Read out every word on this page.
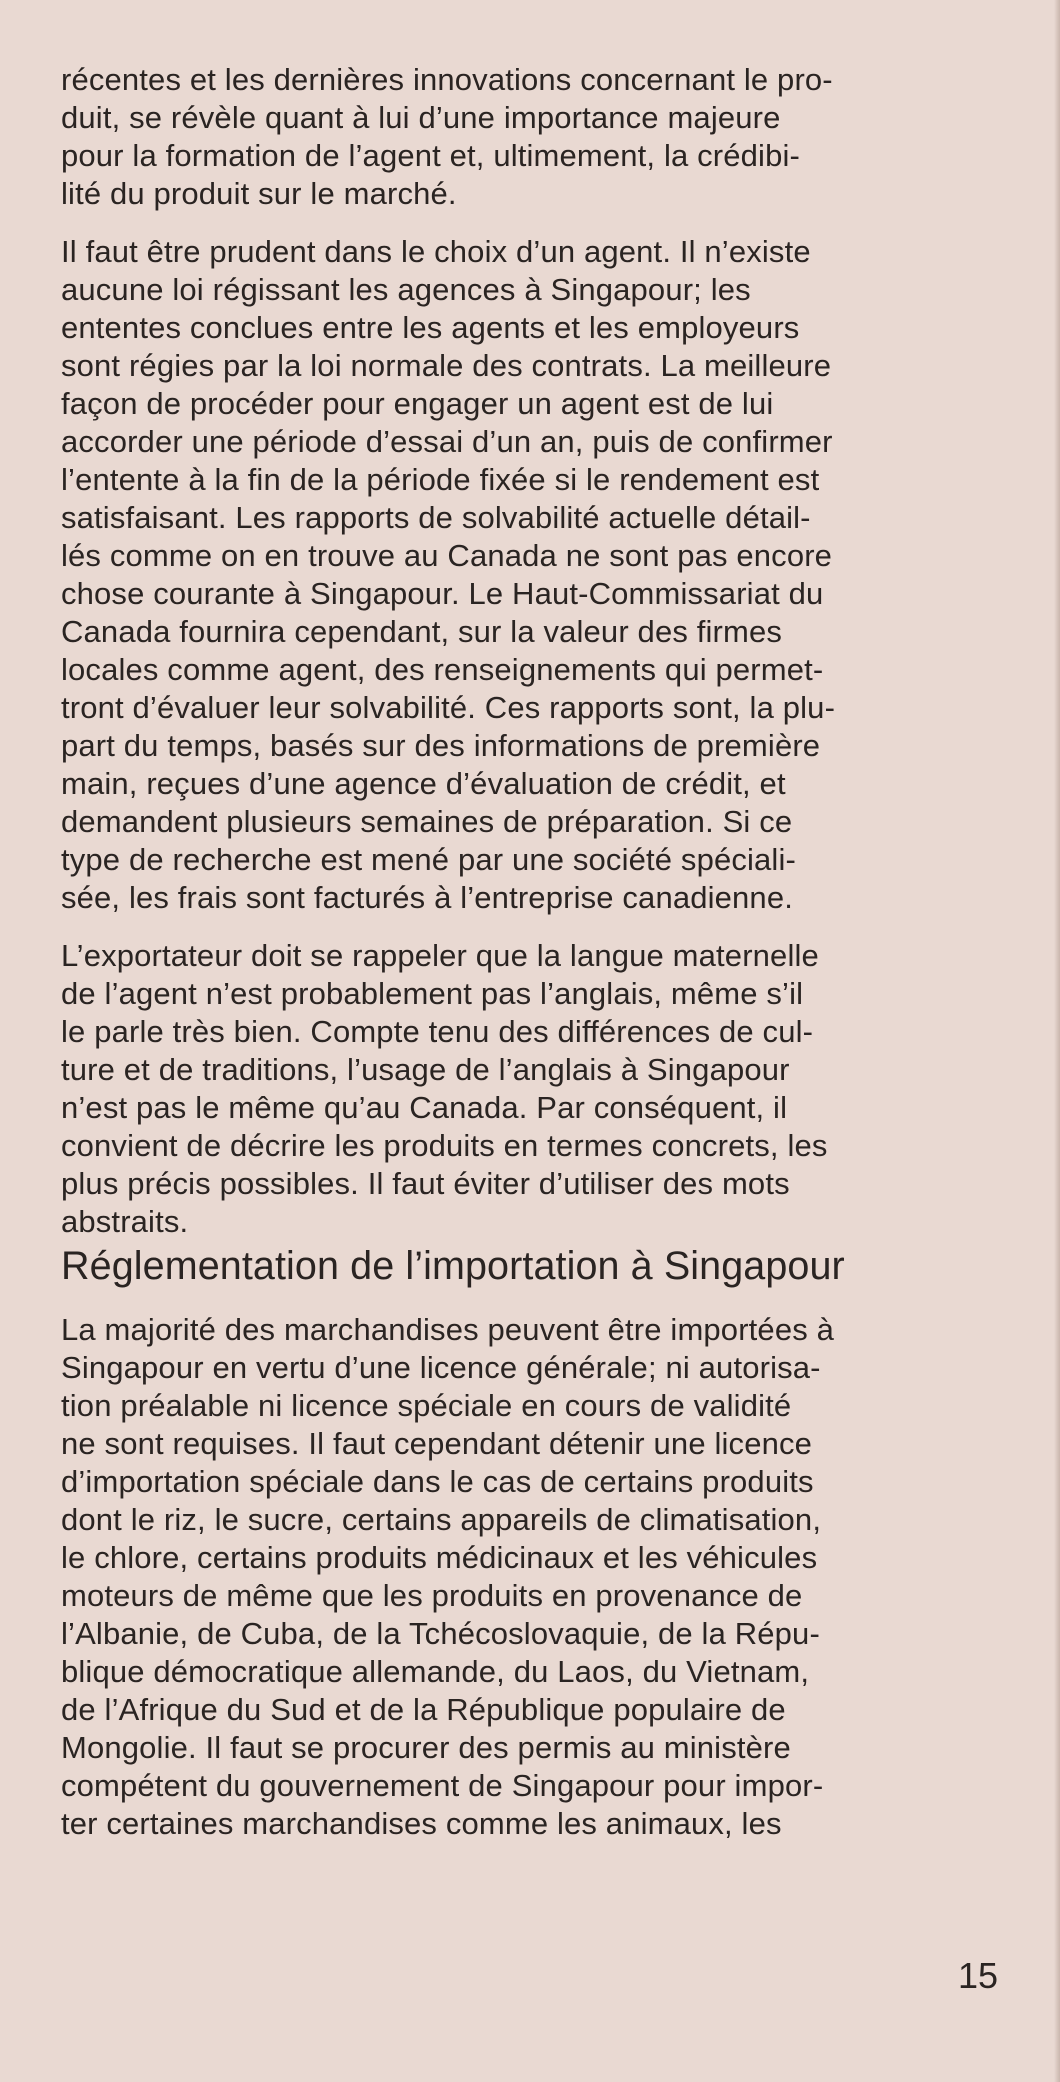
récentes et les dernières innovations concernant le pro-
duit, se révèle quant à lui d’une importance majeure
pour la formation de l’agent et, ultimement, la crédibi-
lité du produit sur le marché.
Il faut être prudent dans le choix d’un agent. Il n’existe
aucune loi régissant les agences à Singapour; les
ententes conclues entre les agents et les employeurs
sont régies par la loi normale des contrats. La meilleure
façon de procéder pour engager un agent est de lui
accorder une période d’essai d’un an, puis de confirmer
l’entente à la fin de la période fixée si le rendement est
satisfaisant. Les rapports de solvabilité actuelle détail-
lés comme on en trouve au Canada ne sont pas encore
chose courante à Singapour. Le Haut-Commissariat du
Canada fournira cependant, sur la valeur des firmes
locales comme agent, des renseignements qui permet-
tront d’évaluer leur solvabilité. Ces rapports sont, la plu-
part du temps, basés sur des informations de première
main, reçues d’une agence d’évaluation de crédit, et
demandent plusieurs semaines de préparation. Si ce
type de recherche est mené par une société spéciali-
sée, les frais sont facturés à l’entreprise canadienne.
L’exportateur doit se rappeler que la langue maternelle
de l’agent n’est probablement pas l’anglais, même s’il
le parle très bien. Compte tenu des différences de cul-
ture et de traditions, l’usage de l’anglais à Singapour
n’est pas le même qu’au Canada. Par conséquent, il
convient de décrire les produits en termes concrets, les
plus précis possibles. Il faut éviter d’utiliser des mots
abstraits.
Réglementation de l’importation à Singapour
La majorité des marchandises peuvent être importées à
Singapour en vertu d’une licence générale; ni autorisa-
tion préalable ni licence spéciale en cours de validité
ne sont requises. Il faut cependant détenir une licence
d’importation spéciale dans le cas de certains produits
dont le riz, le sucre, certains appareils de climatisation,
le chlore, certains produits médicinaux et les véhicules
moteurs de même que les produits en provenance de
l’Albanie, de Cuba, de la Tchécoslovaquie, de la Répu-
blique démocratique allemande, du Laos, du Vietnam,
de l’Afrique du Sud et de la République populaire de
Mongolie. Il faut se procurer des permis au ministère
compétent du gouvernement de Singapour pour impor-
ter certaines marchandises comme les animaux, les
15
